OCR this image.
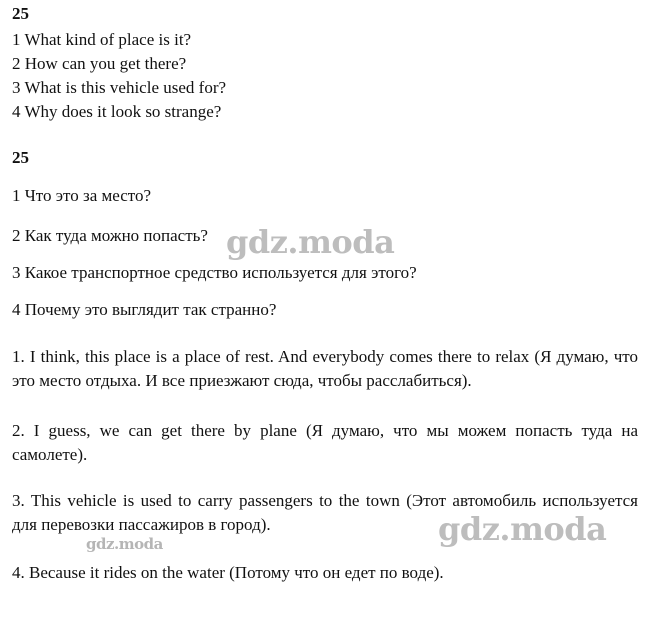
25
1 What kind of place is it?
2 How can you get there?
3 What is this vehicle used for?
4 Why does it look so strange?
25
1 Что это за место?
2 Как туда можно попасть?
3 Какое транспортное средство используется для этого?
4 Почему это выглядит так странно?
1. I think, this place is a place of rest. And everybody comes there to relax (Я думаю, что это место отдыха. И все приезжают сюда, чтобы расслабиться).
2. I guess, we can get there by plane (Я думаю, что мы можем попасть туда на самолете).
3. This vehicle is used to carry passengers to the town (Этот автомобиль используется для перевозки пассажиров в город).
4. Because it rides on the water (Потому что он едет по воде).
gdz.moda
gdz.moda
gdz.moda
